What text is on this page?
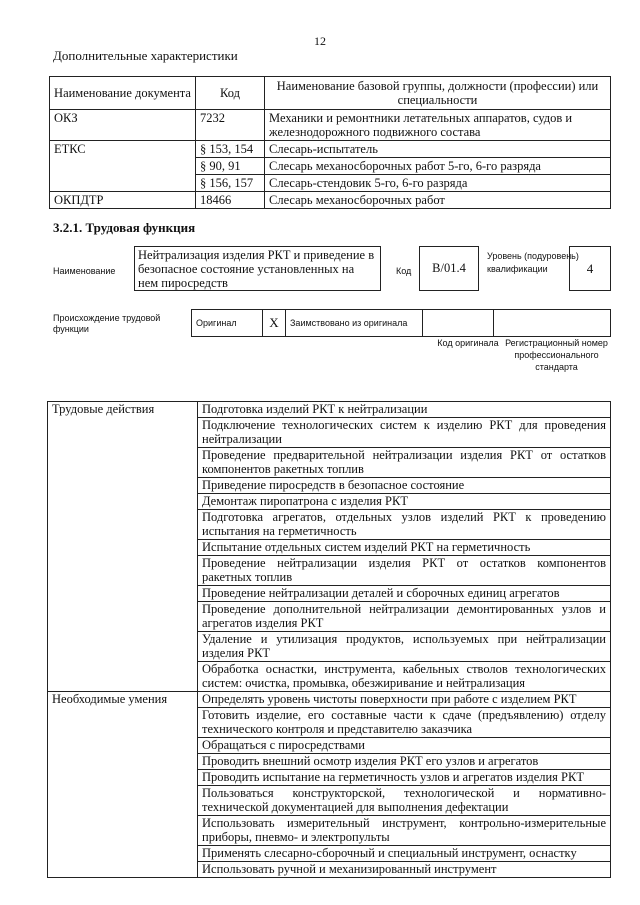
12
Дополнительные характеристики
Наименование документа	Код	Наименование базовой группы, должности (профессии) или специальности
ОКЗ	7232	Механики и ремонтники летательных аппаратов, судов и железнодорожного подвижного состава
ЕТКС	§ 153, 154	Слесарь-испытатель
	§ 90, 91	Слесарь механосборочных работ 5-го, 6-го разряда
	§ 156, 157	Слесарь-стендовик 5-го, 6-го разряда
ОКПДТР	18466	Слесарь механосборочных работ
3.2.1. Трудовая функция
Наименование
Нейтрализация изделия РКТ и приведение в безопасное состояние установленных на нем пиросредств
Код	В/01.4
Уровень (подуровень) квалификации	4
Происхождение трудовой функции
Оригинал	X	Заимствовано из оригинала		
Код оригинала Регистрационный номер профессионального стандарта
Трудовые действия	Подготовка изделий РКТ к нейтрализации
	Подключение технологических систем к изделию РКТ для проведения нейтрализации
	Проведение предварительной нейтрализации изделия РКТ от остатков компонентов ракетных топлив
	Приведение пиросредств в безопасное состояние
	Демонтаж пиропатрона с изделия РКТ
	Подготовка агрегатов, отдельных узлов изделий РКТ к проведению испытания на герметичность
	Испытание отдельных систем изделий РКТ на герметичность
	Проведение нейтрализации изделия РКТ от остатков компонентов ракетных топлив
	Проведение нейтрализации деталей и сборочных единиц агрегатов
	Проведение дополнительной нейтрализации демонтированных узлов и агрегатов изделия РКТ
	Удаление и утилизация продуктов, используемых при нейтрализации изделия РКТ
	Обработка оснастки, инструмента, кабельных стволов технологических систем: очистка, промывка, обезжиривание и нейтрализация
Необходимые умения	Определять уровень чистоты поверхности при работе с изделием РКТ
	Готовить изделие, его составные части к сдаче (предъявлению) отделу технического контроля и представителю заказчика
	Обращаться с пиросредствами
	Проводить внешний осмотр изделия РКТ его узлов и агрегатов
	Проводить испытание на герметичность узлов и агрегатов изделия РКТ
	Пользоваться конструкторской, технологической и нормативно-технической документацией для выполнения дефектации
	Использовать измерительный инструмент, контрольно-измерительные приборы, пневмо- и электропульты
	Применять слесарно-сборочный и специальный инструмент, оснастку
	Использовать ручной и механизированный инструмент
